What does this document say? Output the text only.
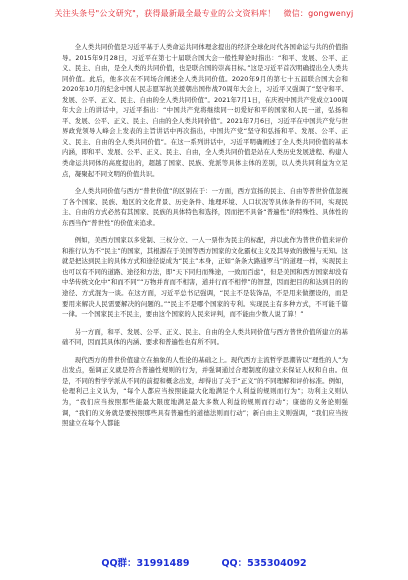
关注头条号"公文研究"，获得最新最全最专业的公文资料库！ 微信：gongwenyj

全人类共同价值是习近平基于人类命运共同体理念提出的经济全球化时代各国命运与共的价值指导。2015年9月28日，习近平在第七十届联合国大会一般性辩论时指出：“和平、发展、公平、正义、民主、自由，是全人类的共同价值，也是联合国的崇高目标。”这是习近平首次明确提出全人类共同价值。此后，他多次在不同场合阐述全人类共同价值。2020年9月的第七十五届联合国大会和2020年10月的纪念中国人民志愿军抗美援朝出国作战70周年大会上，习近平又强调了“坚守和平、发展、公平、正义、民主、自由的全人类共同价值”。2021年7月1日，在庆祝中国共产党成立100周年大会上的讲话中，习近平指出：“中国共产党将继续同一切爱好和平的国家和人民一道，弘扬和平、发展、公平、正义、民主、自由的全人类共同价值”。2021年7月6日，习近平在中国共产党与世界政党领导人峰会上发表的主旨讲话中再次指出，中国共产党“坚守和弘扬和平、发展、公平、正义、民主、自由的全人类共同价值”。在这一系列讲话中，习近平明确阐述了全人类共同价值的基本内涵，即和平、发展、公平、正义、民主、自由，全人类共同价值是站在人类历史发展进程、构建人类命运共同体的高度提出的，超越了国家、民族、党派等具体主体的差别，以人类共同利益为立足点，凝聚起不同文明的价值共识。

全人类共同价值与西方“普世价值”的区别在于：一方面，西方宣扬的民主、自由等普世价值忽视了各个国家、民族、地区的文化背景、历史条件、地理环境、人口状况等具体条件的不同，实现民主、自由的方式必然有其国家、民族的具体特色和选择，因而把不具备“普遍性”的特殊性、具体性的东西当作“普世性”的价值来追求。

例如，美西方国家以多党制、三权分立、一人一票作为民主的标配，并以此作为普世价值来评价和推行认为不“民主”的国家，其根源在于美国等西方国家的文化霸权主义及其导致的傲慢与无知。这就是把达到民主的具体方式和途径说成为“民主”本身，正如“条条大路通罗马”的道理一样，实现民主也可以有不同的道路、途径和方法，即“天下同归而殊途，一致而百虑”，但是美国和西方国家却没有中华传统文化中“和而不同”“万物并育而不相害，道并行而不相悖”的智慧，因而把目的和达到目的的途径、方式混为一谈。在这方面，习近平总书记强调，“民主不是装饰品，不是用来做摆设的，而是要用来解决人民需要解决的问题的。”“民主不是哪个国家的专利。实现民主有多种方式，不可能千篇一律。一个国家民主不民主，要由这个国家的人民来评判，而不能由少数人说了算！”

另一方面，和平、发展、公平、正义、民主、自由的全人类共同价值与西方普世价值所建立的基础不同，因而其具体的内涵、要求和普遍性也有所不同。

现代西方的普世价值建立在抽象的人性论的基础之上。现代西方主流哲学思潮皆以“理性的人”为出发点，强调正义就是符合普遍性规则的行为，并强调通过合理制度的建立来保证人权和自由。但是，不同的哲学学派从不同的前提和概念出发，却得出了关于“正义”的不同理解和评价标准。例如，伦理利己主义认为，“每个人都应当按照能最大化地满足个人利益的规则而行为”；功利主义则认为，“我们应当按照那些能最大限度地满足最大多数人利益的规则而行动”；康德的义务论则强调，“我们的义务就是要按照那些具有普遍性的道德法则而行动”；新自由主义则强调，“我们应当按照建立在每个人都能

QQ群：31991489	QQ：535304092
